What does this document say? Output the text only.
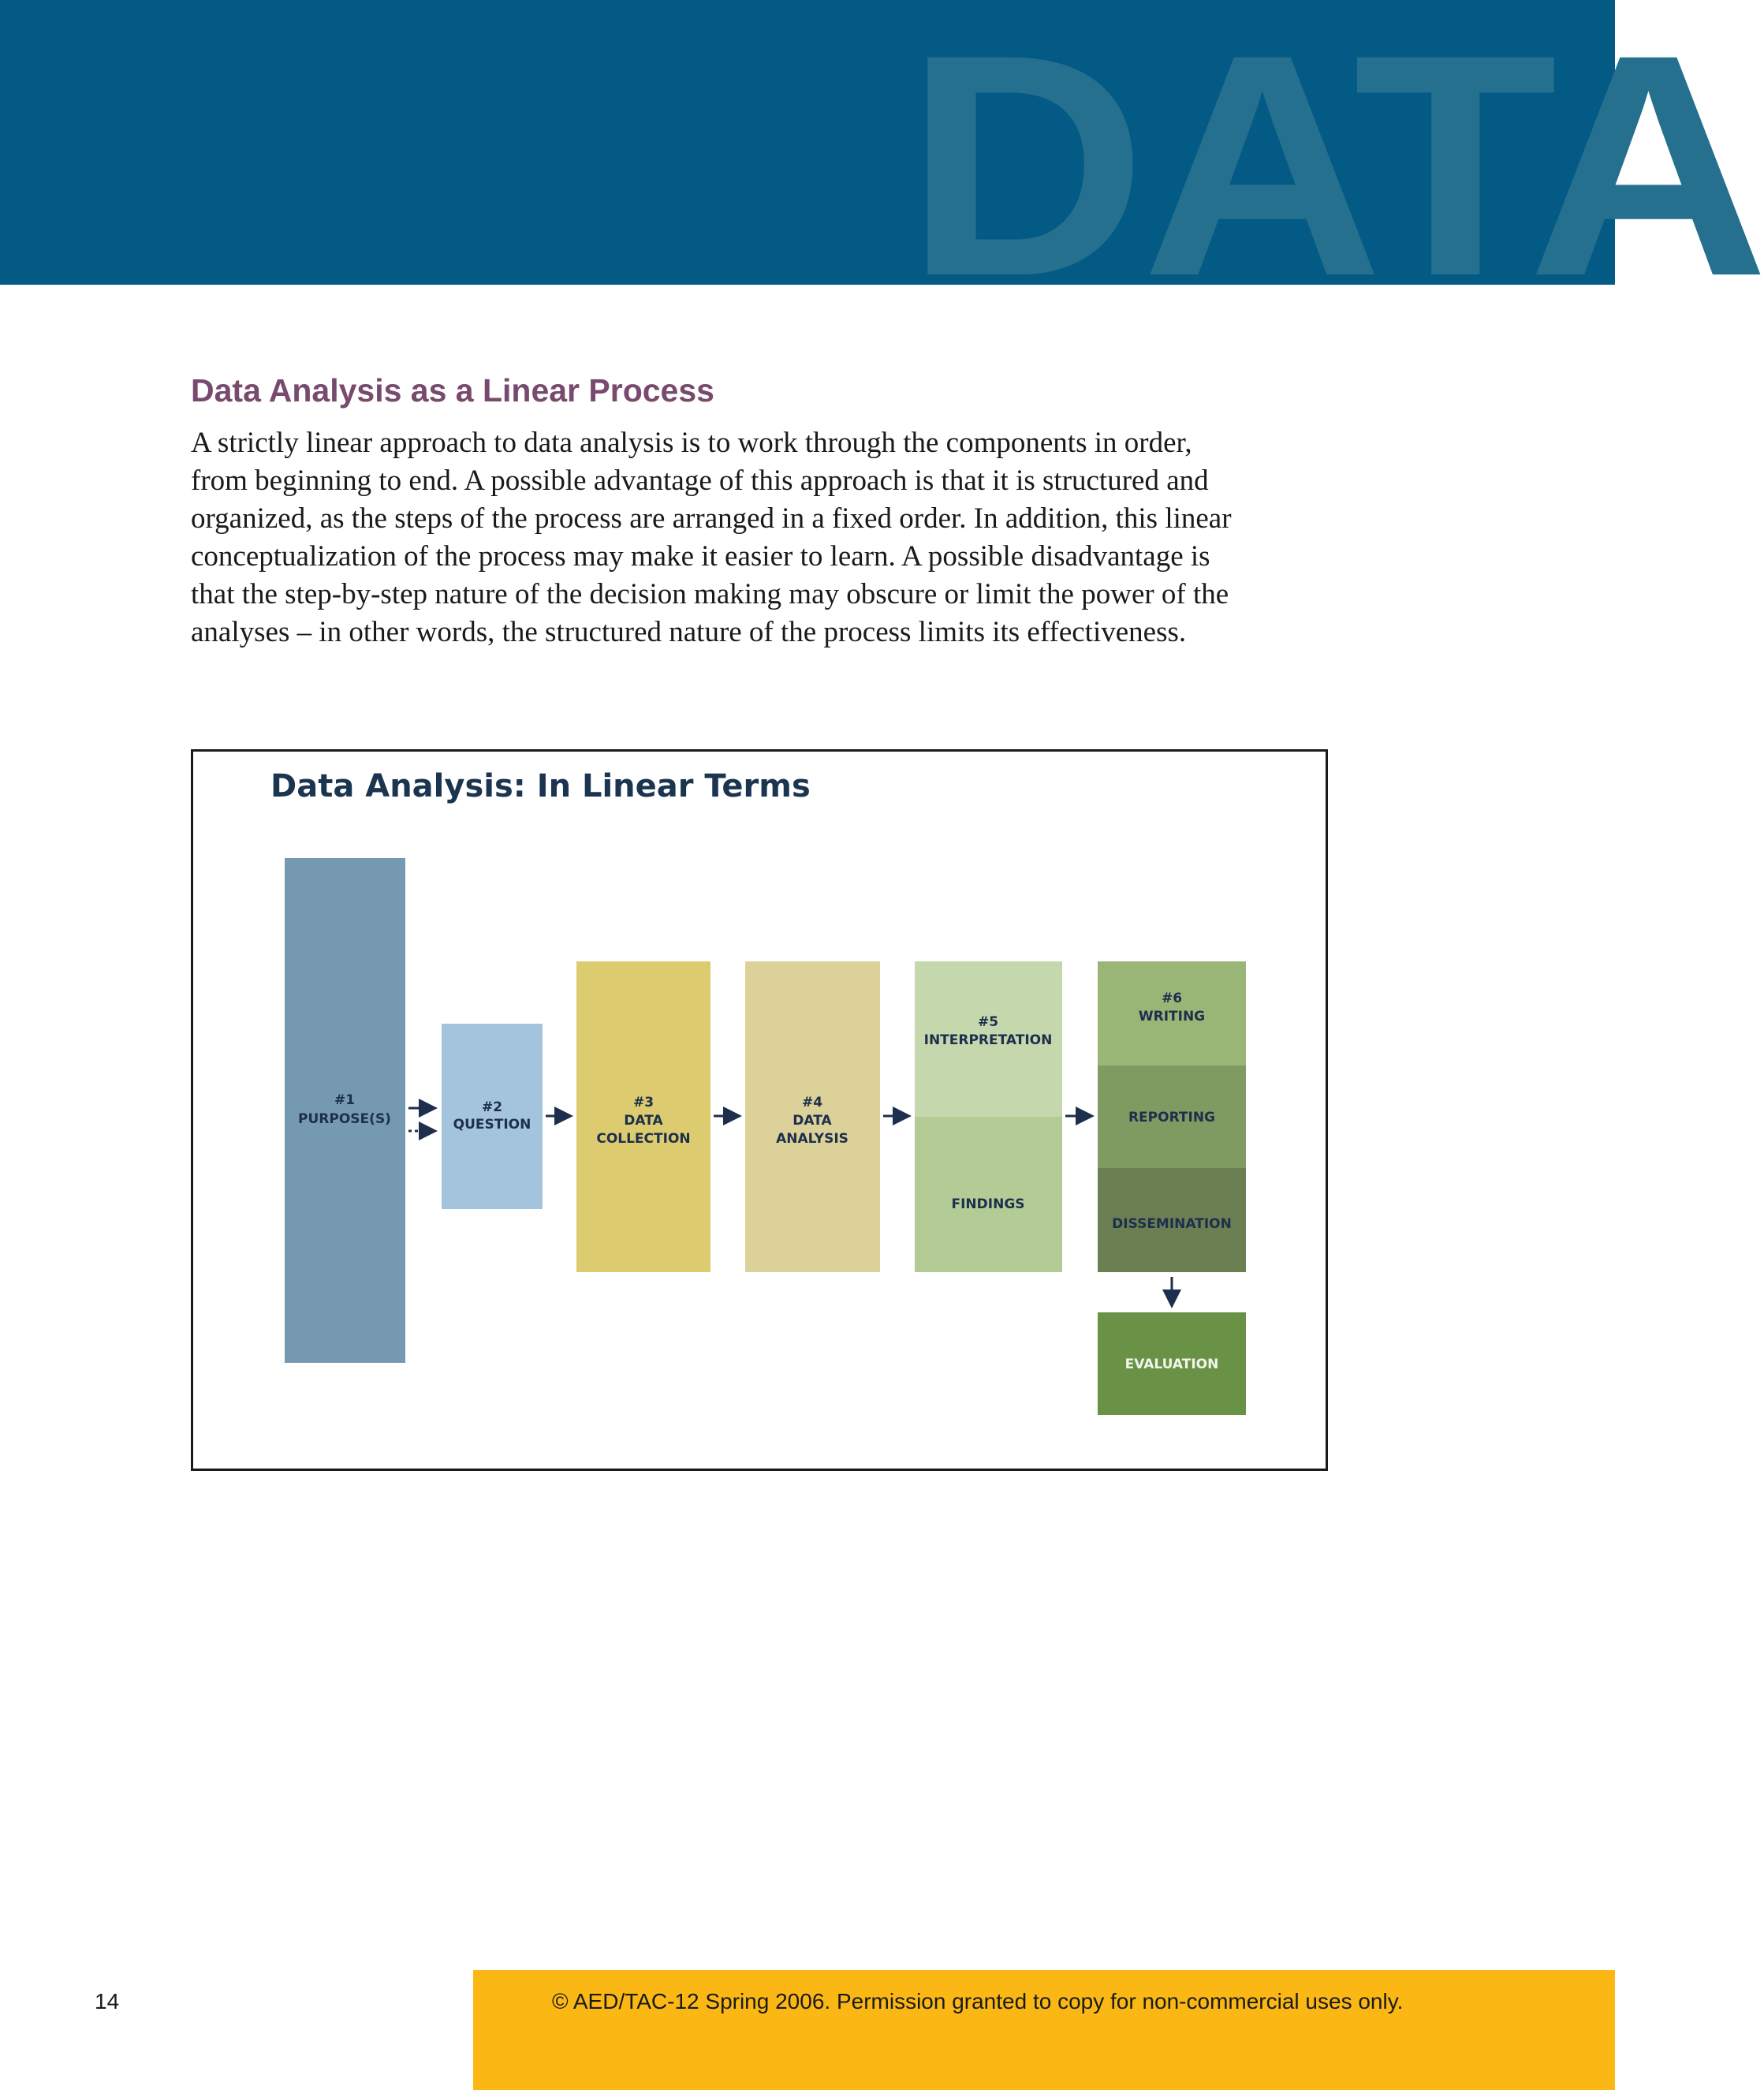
DATA
Data Analysis as a Linear Process
A strictly linear approach to data analysis is to work through the components in order,
from beginning to end. A possible advantage of this approach is that it is structured and
organized, as the steps of the process are arranged in a fixed order. In addition, this linear
conceptualization of the process may make it easier to learn. A possible disadvantage is
that the step-by-step nature of the decision making may obscure or limit the power of the
analyses – in other words, the structured nature of the process limits its effectiveness.
Data Analysis: In Linear Terms
#1
PURPOSE(S)
#2
QUESTION
#3
DATA
COLLECTION
#4
DATA
ANALYSIS
#5
INTERPRETATION
FINDINGS
#6
WRITING
REPORTING
DISSEMINATION
EVALUATION
14	© AED/TAC-12 Spring 2006. Permission granted to copy for non-commercial uses only.
